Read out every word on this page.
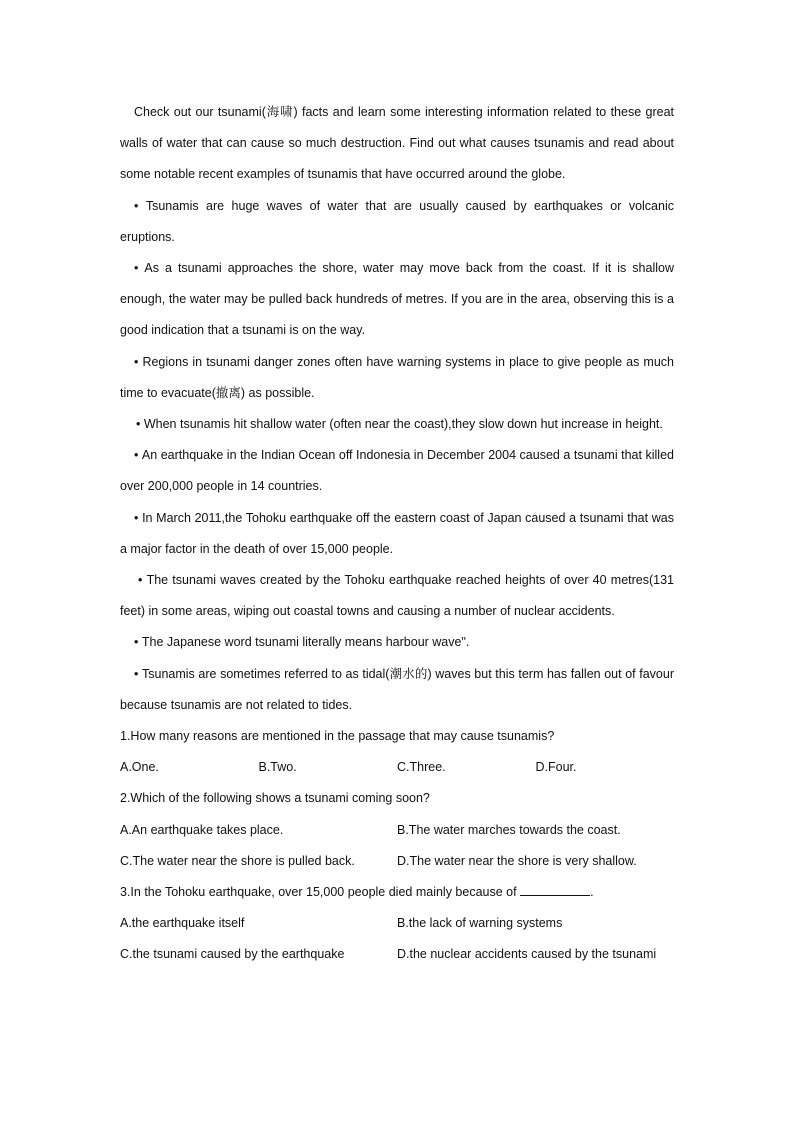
Check out our tsunami(海啸) facts and learn some interesting information related to these great walls of water that can cause so much destruction. Find out what causes tsunamis and read about some notable recent examples of tsunamis that have occurred around the globe.

• Tsunamis are huge waves of water that are usually caused by earthquakes or volcanic eruptions.

• As a tsunami approaches the shore, water may move back from the coast. If it is shallow enough, the water may be pulled back hundreds of metres. If you are in the area, observing this is a good indication that a tsunami is on the way.

• Regions in tsunami danger zones often have warning systems in place to give people as much time to evacuate(撤离) as possible.

• When tsunamis hit shallow water (often near the coast),they slow down hut increase in height.

• An earthquake in the Indian Ocean off Indonesia in December 2004 caused a tsunami that killed over 200,000 people in 14 countries.

• In March 2011,the Tohoku earthquake off the eastern coast of Japan caused a tsunami that was a major factor in the death of over 15,000 people.

• The tsunami waves created by the Tohoku earthquake reached heights of over 40 metres(131 feet) in some areas, wiping out coastal towns and causing a number of nuclear accidents.

• The Japanese word tsunami literally means harbour wave".

• Tsunamis are sometimes referred to as tidal(潮水的) waves but this term has fallen out of favour because tsunamis are not related to tides.

1.How many reasons are mentioned in the passage that may cause tsunamis?

A.One.	B.Two.	C.Three.	D.Four.

2.Which of the following shows a tsunami coming soon?

A.An earthquake takes place.	B.The water marches towards the coast.
C.The water near the shore is pulled back.	D.The water near the shore is very shallow.

3.In the Tohoku earthquake, over 15,000 people died mainly because of	.

A.the earthquake itself	B.the lack of warning systems
C.the tsunami caused by the earthquake	D.the nuclear accidents caused by the tsunami
